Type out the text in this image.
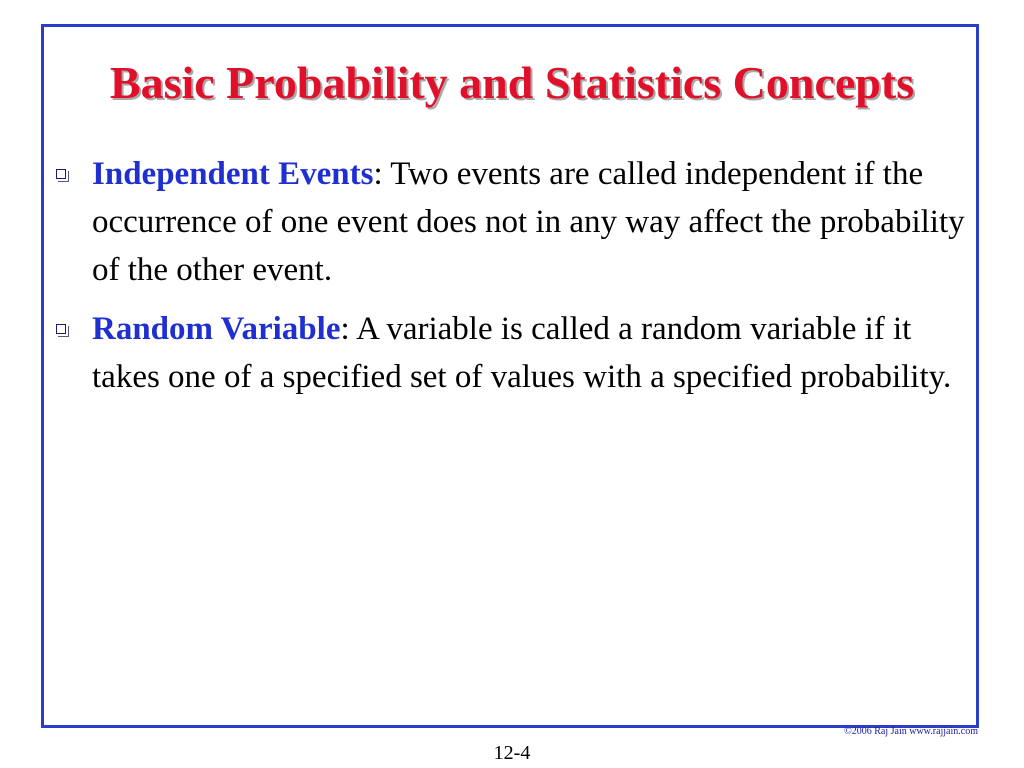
Basic Probability and Statistics Concepts
Independent Events: Two events are called independent if the occurrence of one event does not in any way affect the probability of the other event.
Random Variable: A variable is called a random variable if it takes one of a specified set of values with a specified probability.
©2006 Raj Jain www.rajjain.com
12-4
